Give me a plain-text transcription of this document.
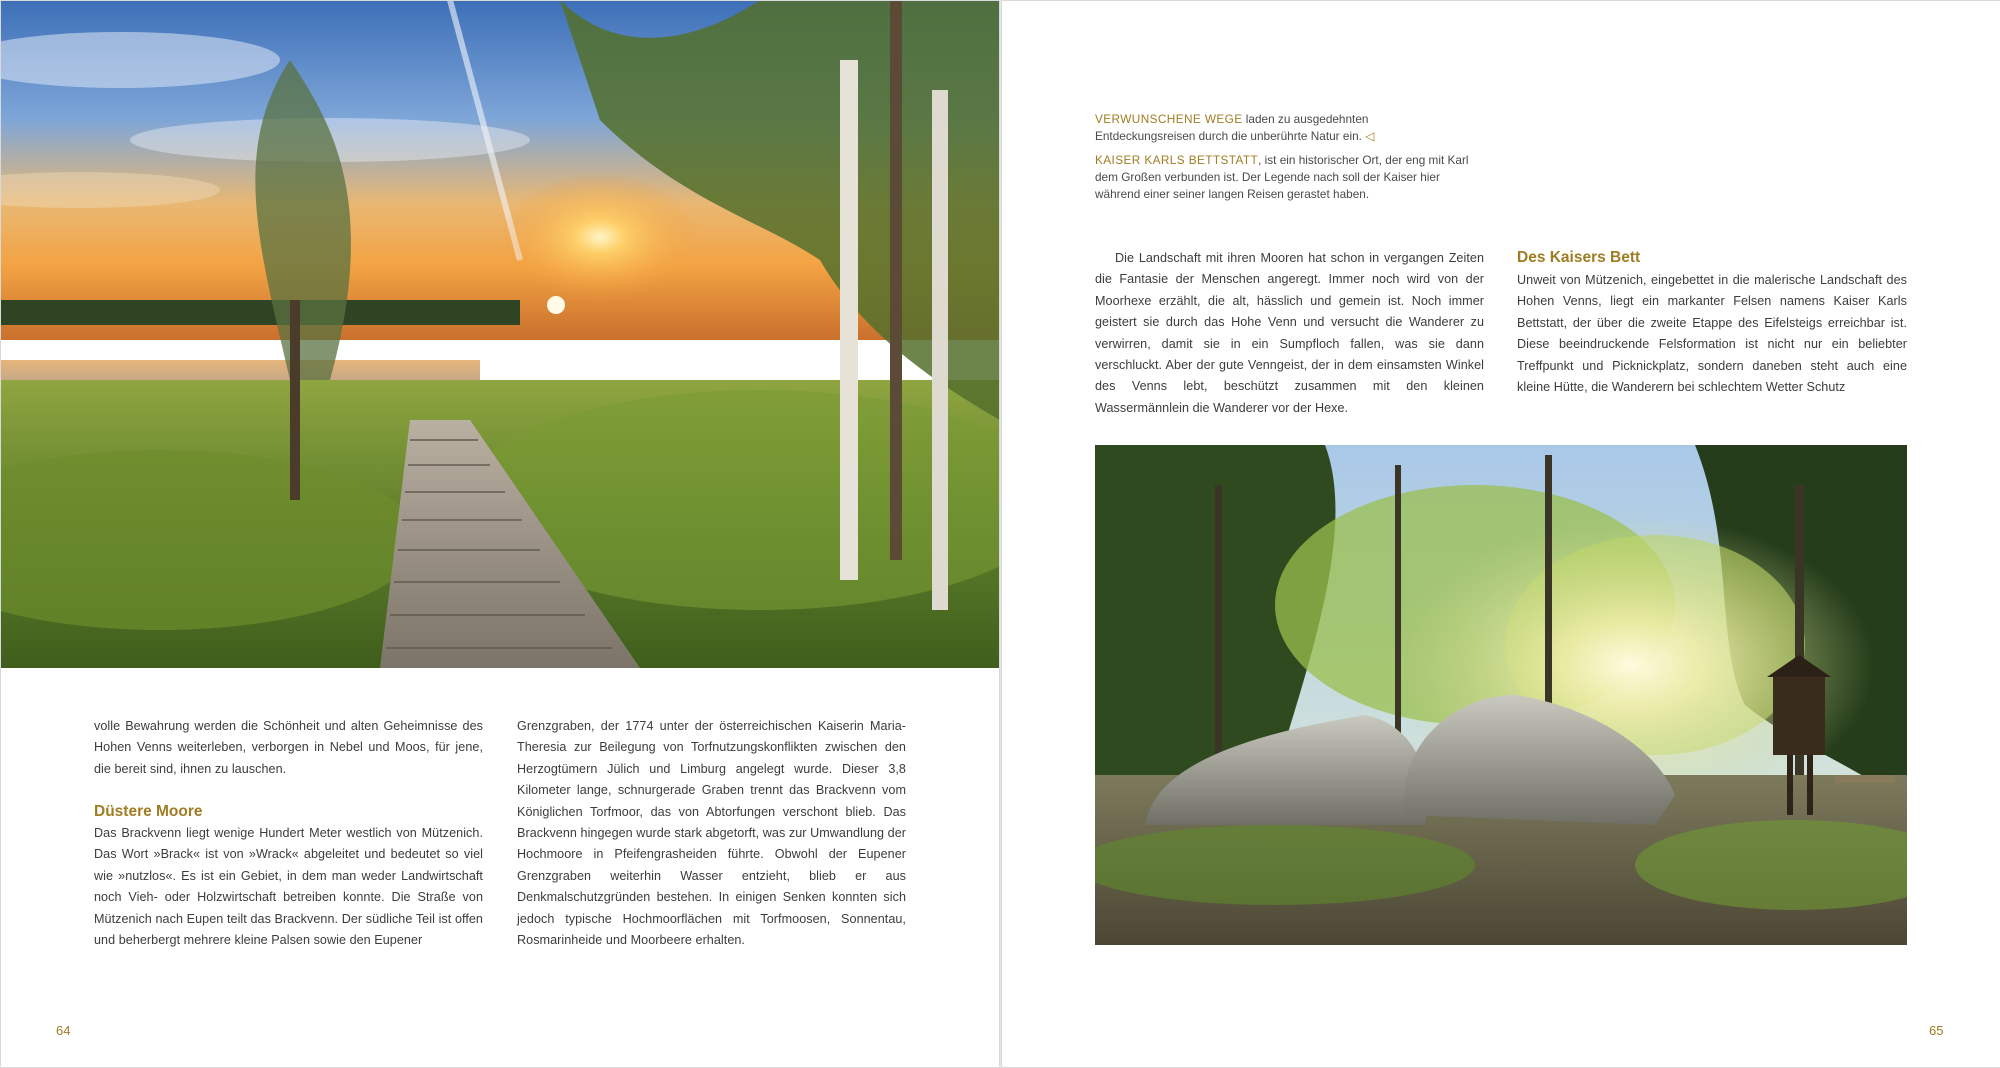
volle Bewahrung werden die Schönheit und alten Geheimnisse des Hohen Venns weiterleben, verborgen in Nebel und Moos, für jene, die bereit sind, ihnen zu lauschen.

Düstere Moore

Das Brackvenn liegt wenige Hundert Meter westlich von Mützenich. Das Wort »Brack« ist von »Wrack« abgeleitet und bedeutet so viel wie »nutzlos«. Es ist ein Gebiet, in dem man weder Landwirtschaft noch Vieh- oder Holzwirtschaft betreiben konnte. Die Straße von Mützenich nach Eupen teilt das Brackvenn. Der südliche Teil ist offen und beherbergt mehrere kleine Palsen sowie den Eupener

Grenzgraben, der 1774 unter der österreichischen Kaiserin Maria-Theresia zur Beilegung von Torfnutzungskonflikten zwischen den Herzogtümern Jülich und Limburg angelegt wurde. Dieser 3,8 Kilometer lange, schnurgerade Graben trennt das Brackvenn vom Königlichen Torfmoor, das von Abtorfungen verschont blieb. Das Brackvenn hingegen wurde stark abgetorft, was zur Umwandlung der Hochmoore in Pfeifengrasheiden führte. Obwohl der Eupener Grenzgraben weiterhin Wasser entzieht, blieb er aus Denkmalschutzgründen bestehen. In einigen Senken konnten sich jedoch typische Hochmoorflächen mit Torfmoosen, Sonnentau, Rosmarinheide und Moorbeere erhalten.

64

VERWUNSCHENE WEGE laden zu ausgedehnten Entdeckungsreisen durch die unberührte Natur ein. ◁

KAISER KARLS BETTSTATT, ist ein historischer Ort, der eng mit Karl dem Großen verbunden ist. Der Legende nach soll der Kaiser hier während einer seiner langen Reisen gerastet haben.

Die Landschaft mit ihren Mooren hat schon in vergangen Zeiten die Fantasie der Menschen angeregt. Immer noch wird von der Moorhexe erzählt, die alt, hässlich und gemein ist. Noch immer geistert sie durch das Hohe Venn und versucht die Wanderer zu verwirren, damit sie in ein Sumpfloch fallen, was sie dann verschluckt. Aber der gute Venngeist, der in dem einsamsten Winkel des Venns lebt, beschützt zusammen mit den kleinen Wassermännlein die Wanderer vor der Hexe.

Des Kaisers Bett

Unweit von Mützenich, eingebettet in die malerische Landschaft des Hohen Venns, liegt ein markanter Felsen namens Kaiser Karls Bettstatt, der über die zweite Etappe des Eifelsteigs erreichbar ist. Diese beeindruckende Felsformation ist nicht nur ein beliebter Treffpunkt und Picknickplatz, sondern daneben steht auch eine kleine Hütte, die Wanderern bei schlechtem Wetter Schutz

65
